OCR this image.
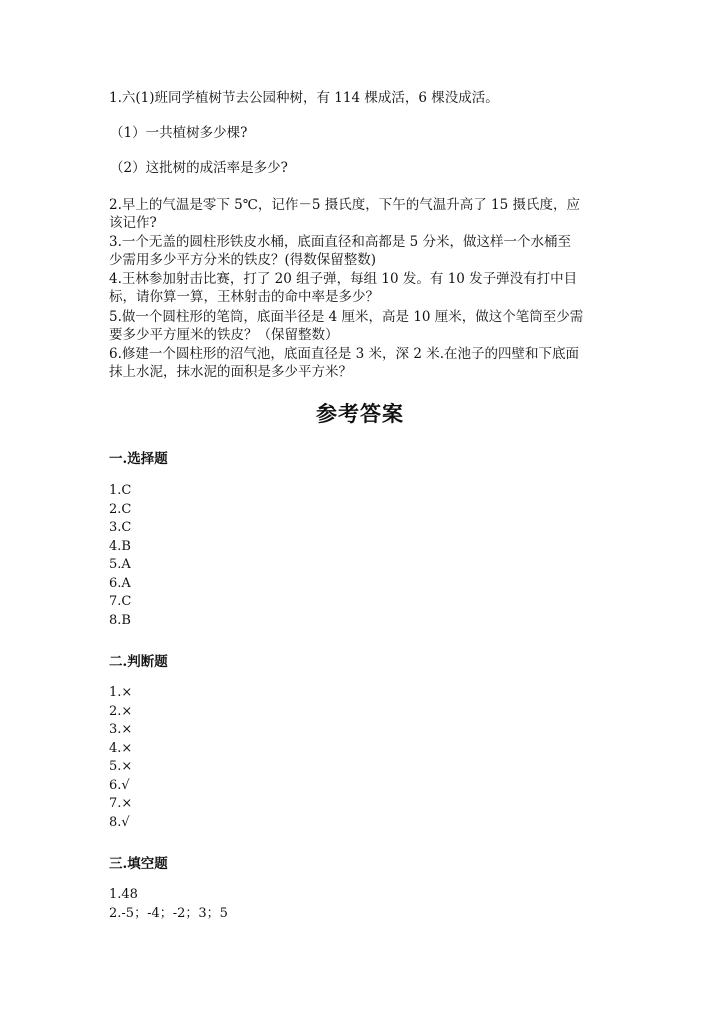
1.六(1)班同学植树节去公园种树，有 114 棵成活，6 棵没成活。
（1）一共植树多少棵?
（2）这批树的成活率是多少?
2.早上的气温是零下 5℃，记作－5 摄氏度，下午的气温升高了 15 摄氏度，应
该记作?
3.一个无盖的圆柱形铁皮水桶，底面直径和高都是 5 分米，做这样一个水桶至
少需用多少平方分米的铁皮？(得数保留整数)
4.王林参加射击比赛，打了 20 组子弹，每组 10 发。有 10 发子弹没有打中目
标，请你算一算，王林射击的命中率是多少？
5.做一个圆柱形的笔筒，底面半径是 4 厘米，高是 10 厘米，做这个笔筒至少需
要多少平方厘米的铁皮？（保留整数）
6.修建一个圆柱形的沼气池，底面直径是 3 米，深 2 米.在池子的四壁和下底面
抹上水泥，抹水泥的面积是多少平方米？
参考答案
一.选择题
1.C
2.C
3.C
4.B
5.A
6.A
7.C
8.B
二.判断题
1.×
2.×
3.×
4.×
5.×
6.√
7.×
8.√
三.填空题
1.48
2.-5；-4；-2；3；5
